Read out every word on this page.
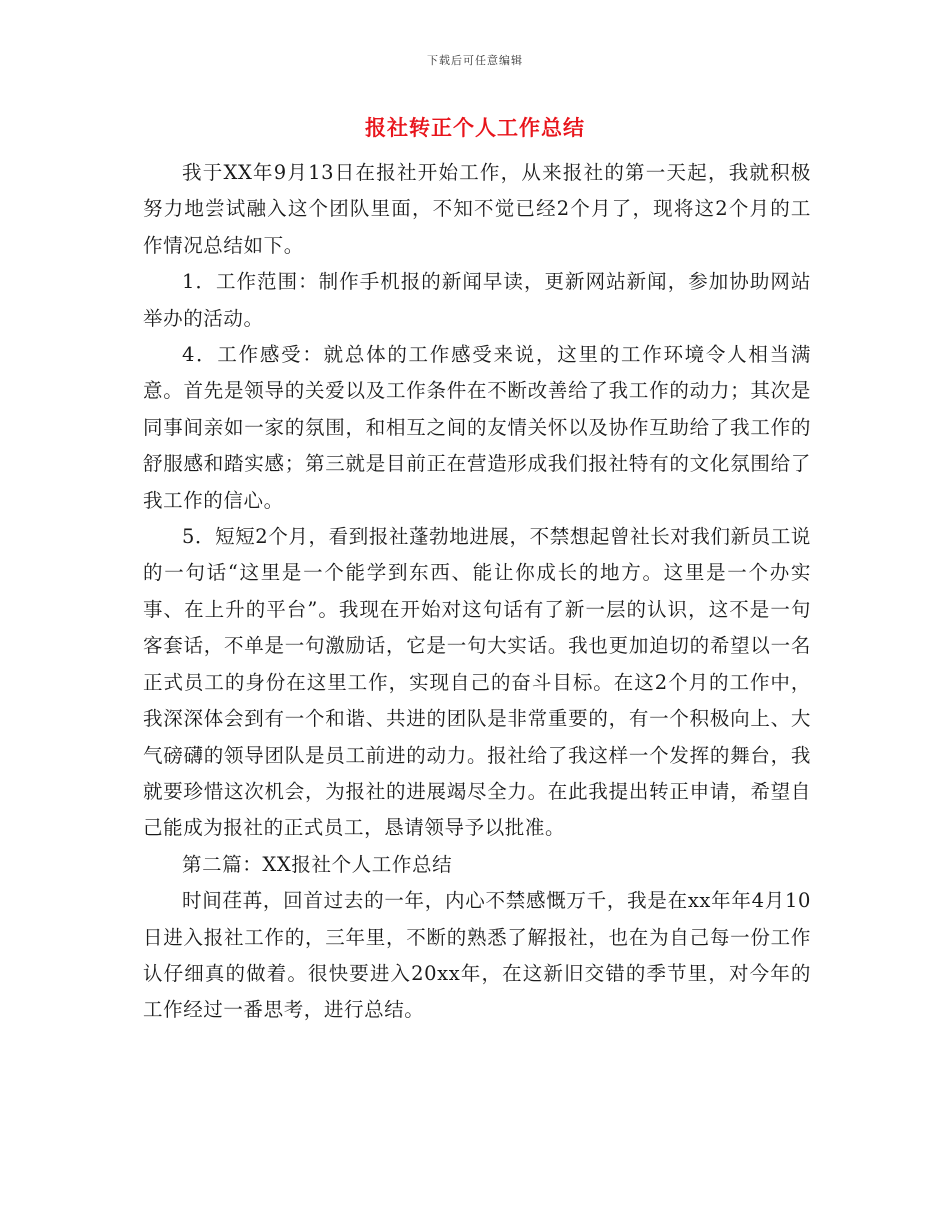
下载后可任意编辑
报社转正个人工作总结

我于XX年9月13日在报社开始工作，从来报社的第一天起，我就积极努力地尝试融入这个团队里面，不知不觉已经2个月了，现将这2个月的工作情况总结如下。

1．工作范围：制作手机报的新闻早读，更新网站新闻，参加协助网站举办的活动。

4．工作感受：就总体的工作感受来说，这里的工作环境令人相当满意。首先是领导的关爱以及工作条件在不断改善给了我工作的动力；其次是同事间亲如一家的氛围，和相互之间的友情关怀以及协作互助给了我工作的舒服感和踏实感；第三就是目前正在营造形成我们报社特有的文化氛围给了我工作的信心。

5．短短2个月，看到报社蓬勃地进展，不禁想起曾社长对我们新员工说的一句话“这里是一个能学到东西、能让你成长的地方。这里是一个办实事、在上升的平台”。我现在开始对这句话有了新一层的认识，这不是一句客套话，不单是一句激励话，它是一句大实话。我也更加迫切的希望以一名正式员工的身份在这里工作，实现自己的奋斗目标。在这2个月的工作中，我深深体会到有一个和谐、共进的团队是非常重要的，有一个积极向上、大气磅礴的领导团队是员工前进的动力。报社给了我这样一个发挥的舞台，我就要珍惜这次机会，为报社的进展竭尽全力。在此我提出转正申请，希望自己能成为报社的正式员工，恳请领导予以批准。

第二篇：XX报社个人工作总结

时间荏苒，回首过去的一年，内心不禁感慨万千，我是在xx年年4月10日进入报社工作的，三年里，不断的熟悉了解报社，也在为自己每一份工作认仔细真的做着。很快要进入20xx年，在这新旧交错的季节里，对今年的工作经过一番思考，进行总结。
